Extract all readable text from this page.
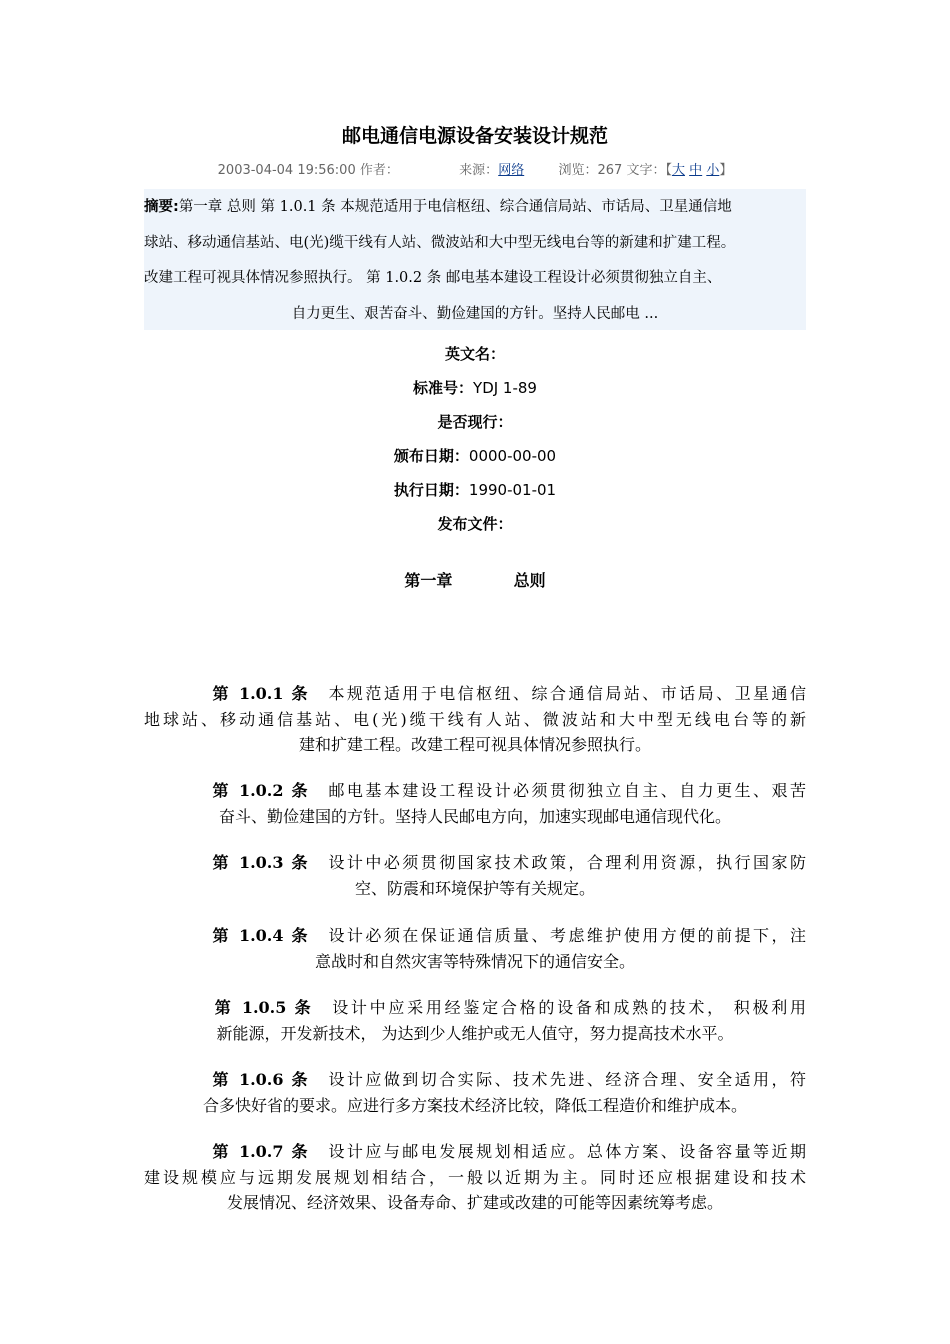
邮电通信电源设备安装设计规范
2003-04-04 19:56:00 作者：	来源：网络	浏览：267 文字：【大 中 小】
摘要:第一章 总则 第 1.0.1 条 本规范适用于电信枢纽、综合通信局站、市话局、卫星通信地
球站、移动通信基站、电(光)缆干线有人站、微波站和大中型无线电台等的新建和扩建工程。
改建工程可视具体情况参照执行。 第 1.0.2 条 邮电基本建设工程设计必须贯彻独立自主、
自力更生、艰苦奋斗、勤俭建国的方针。坚持人民邮电 ...
英文名：
标准号：YDJ 1-89
是否现行：
颁布日期：0000-00-00
执行日期：1990-01-01
发布文件：
第一章	总则
第 1.0.1 条　 本规范适用于电信枢纽、综合通信局站、市话局、卫星通信
地球站、移动通信基站、电(光)缆干线有人站、微波站和大中型无线电台等的新
建和扩建工程。改建工程可视具体情况参照执行。
第 1.0.2 条　 邮电基本建设工程设计必须贯彻独立自主、自力更生、艰苦
奋斗、勤俭建国的方针。坚持人民邮电方向，加速实现邮电通信现代化。
第 1.0.3 条　 设计中必须贯彻国家技术政策，合理利用资源，执行国家防
空、防震和环境保护等有关规定。
第 1.0.4 条　 设计必须在保证通信质量、考虑维护使用方便的前提下，注
意战时和自然灾害等特殊情况下的通信安全。
第 1.0.5 条　 设计中应采用经鉴定合格的设备和成熟的技术， 积极利用
新能源，开发新技术， 为达到少人维护或无人值守，努力提高技术水平。
第 1.0.6 条　 设计应做到切合实际、技术先进、经济合理、安全适用，符
合多快好省的要求。应进行多方案技术经济比较，降低工程造价和维护成本。
第 1.0.7 条　 设计应与邮电发展规划相适应。总体方案、设备容量等近期
建设规模应与远期发展规划相结合，一般以近期为主。同时还应根据建设和技术
发展情况、经济效果、设备寿命、扩建或改建的可能等因素统筹考虑。
